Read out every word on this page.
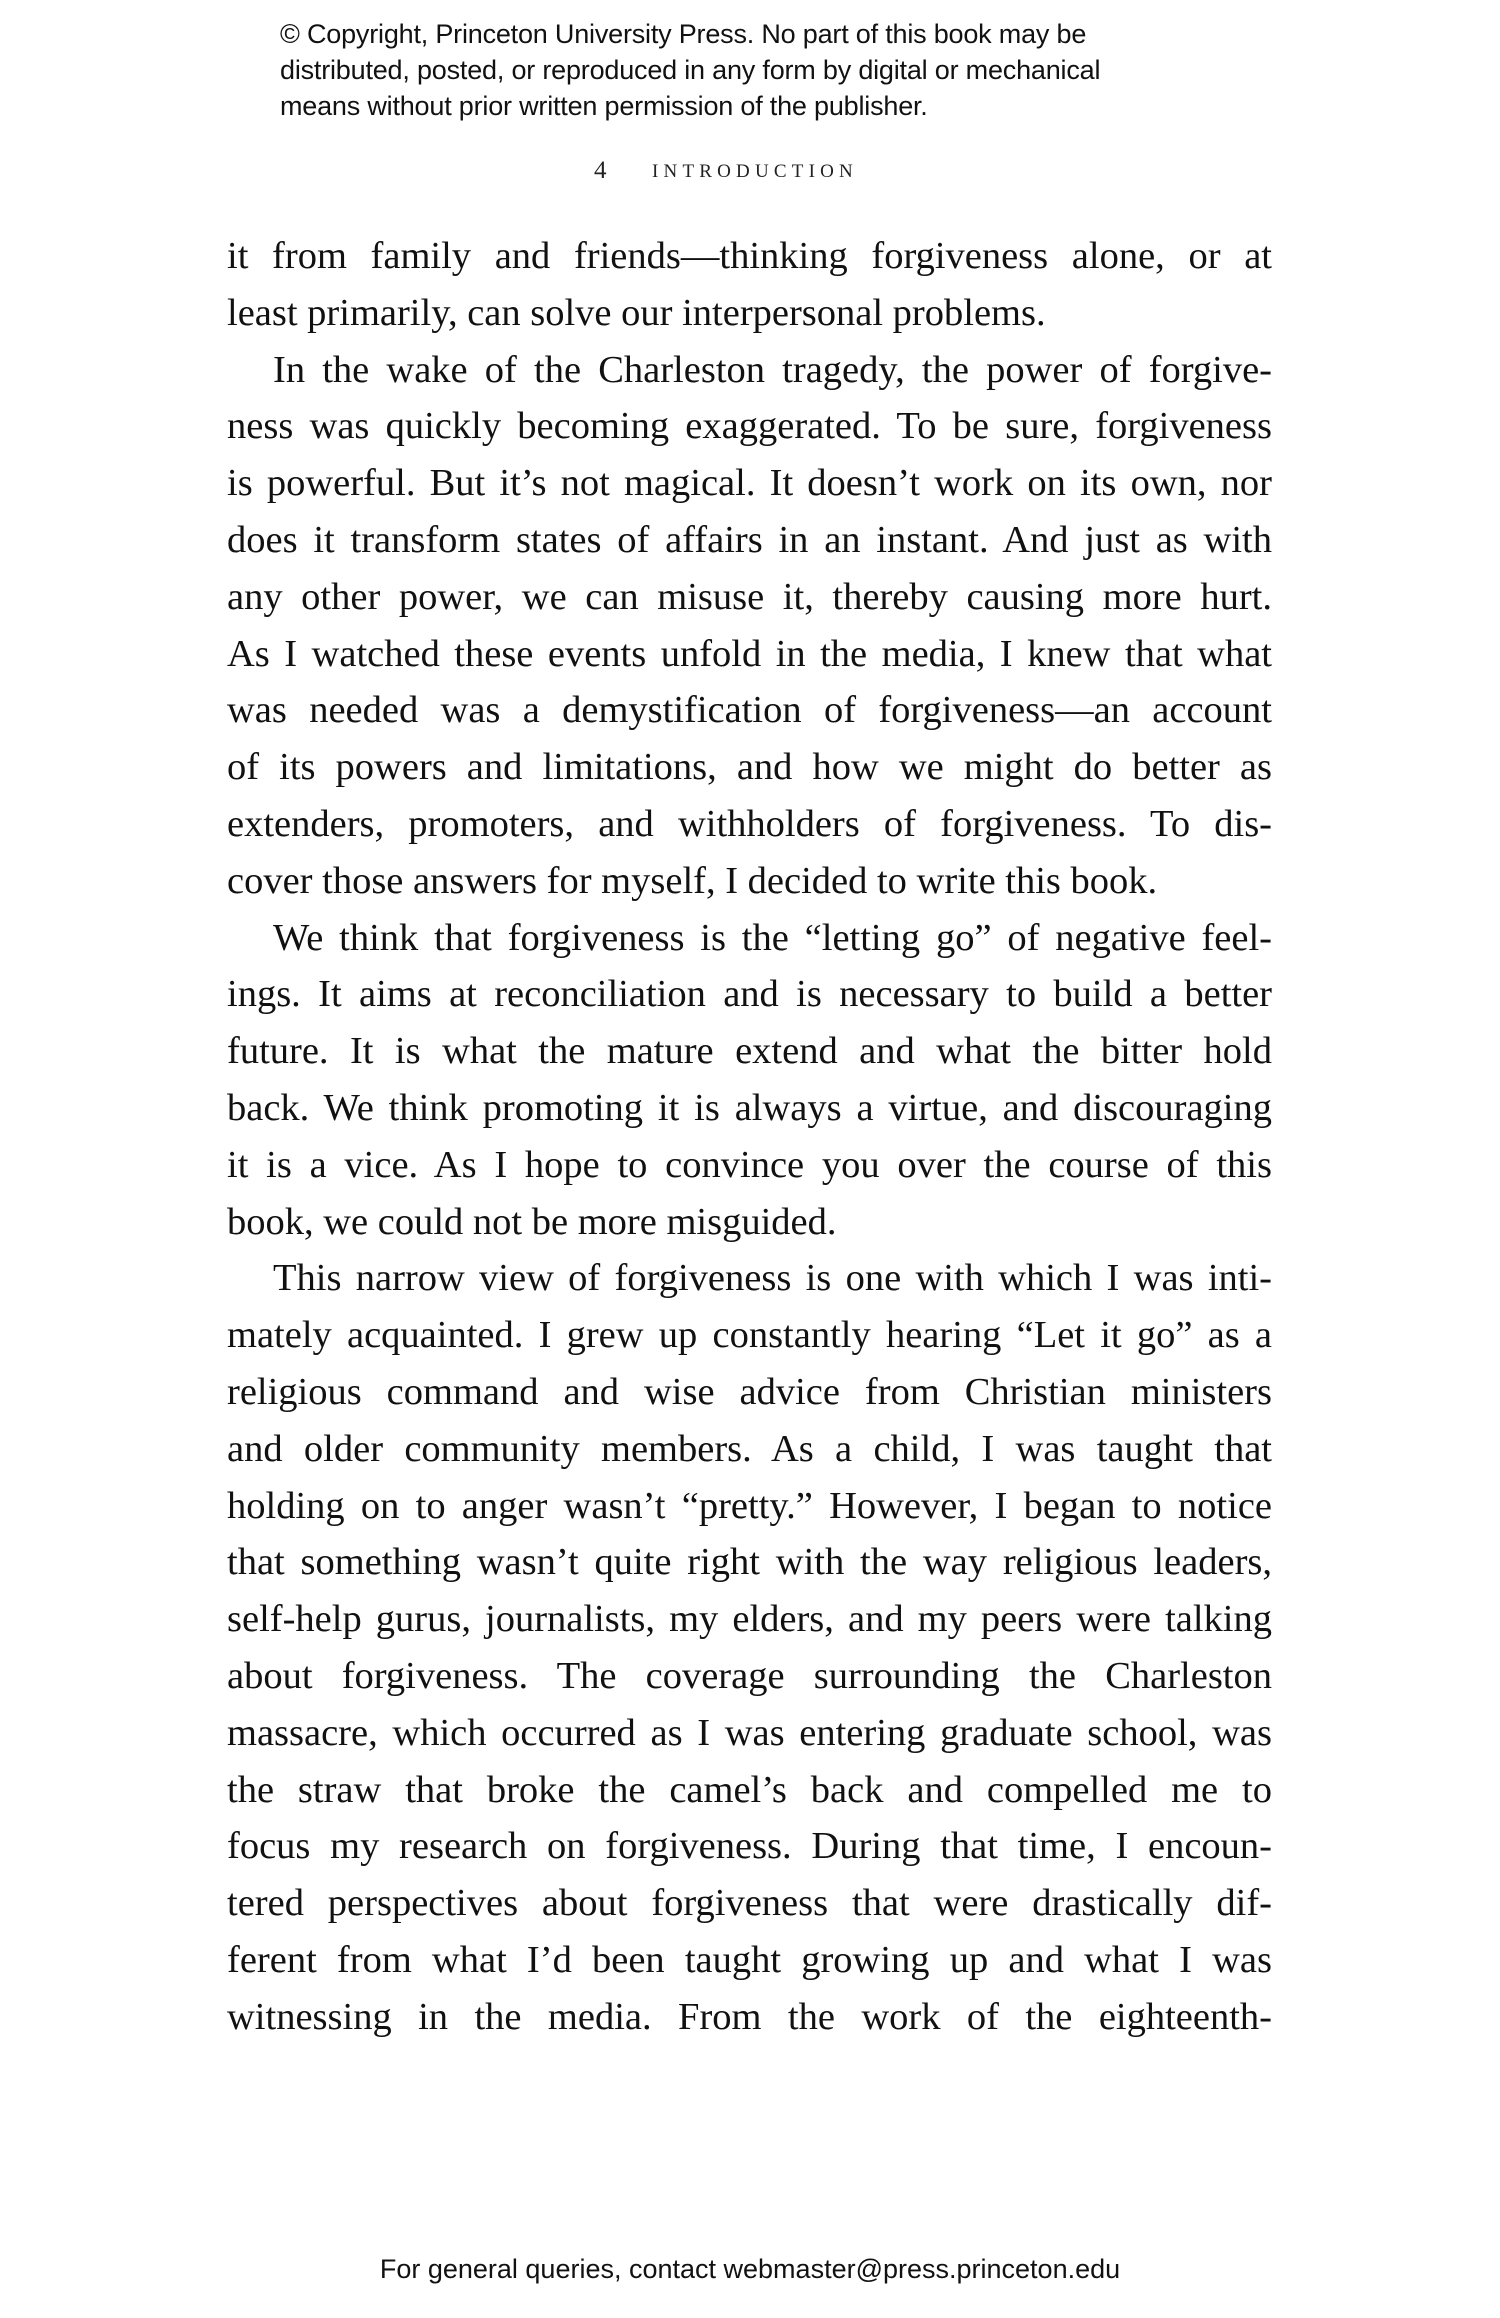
© Copyright, Princeton University Press. No part of this book may be
distributed, posted, or reproduced in any form by digital or mechanical
means without prior written permission of the publisher.
4 INTRODUCTION
it from family and friends—thinking forgiveness alone, or at
least primarily, can solve our interpersonal problems.
In the wake of the Charleston tragedy, the power of forgive-
ness was quickly becoming exaggerated. To be sure, forgiveness
is powerful. But it’s not magical. It doesn’t work on its own, nor
does it transform states of affairs in an instant. And just as with
any other power, we can misuse it, thereby causing more hurt.
As I watched these events unfold in the media, I knew that what
was needed was a demystification of forgiveness—an account
of its powers and limitations, and how we might do better as
extenders, promoters, and withholders of forgiveness. To dis-
cover those answers for myself, I decided to write this book.
We think that forgiveness is the “letting go” of negative feel-
ings. It aims at reconciliation and is necessary to build a better
future. It is what the mature extend and what the bitter hold
back. We think promoting it is always a virtue, and discouraging
it is a vice. As I hope to convince you over the course of this
book, we could not be more misguided.
This narrow view of forgiveness is one with which I was inti-
mately acquainted. I grew up constantly hearing “Let it go” as a
religious command and wise advice from Christian ministers
and older community members. As a child, I was taught that
holding on to anger wasn’t “pretty.” However, I began to notice
that something wasn’t quite right with the way religious leaders,
self-help gurus, journalists, my elders, and my peers were talking
about forgiveness. The coverage surrounding the Charleston
massacre, which occurred as I was entering graduate school, was
the straw that broke the camel’s back and compelled me to
focus my research on forgiveness. During that time, I encoun-
tered perspectives about forgiveness that were drastically dif-
ferent from what I’d been taught growing up and what I was
witnessing in the media. From the work of the eighteenth-
For general queries, contact webmaster@press.princeton.edu
